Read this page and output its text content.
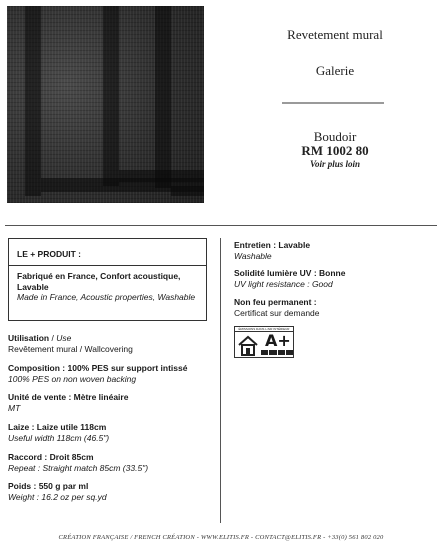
Revetement mural
Galerie
Boudoir
RM 1002 80
Voir plus loin
LE + PRODUIT :
Fabriqué en France, Confort acoustique, Lavable
Made in France, Acoustic properties, Washable
Utilisation / Use
Revêtement mural / Wallcovering
Composition : 100% PES sur support intissé
100% PES on non woven backing
Unité de vente : Mètre linéaire
MT
Laize : Laize utile 118cm
Useful width 118cm (46.5")
Raccord : Droit 85cm
Repeat : Straight match 85cm (33.5")
Poids : 550 g par ml
Weight : 16.2 oz per sq.yd
Entretien : Lavable
Washable
Solidité lumière UV : Bonne
UV light resistance : Good
Non feu permanent :
Certificat sur demande
ÉMISSIONS DANS L'AIR INTÉRIEUR
A+
CRÉATION FRANÇAISE / FRENCH CRÉATION - WWW.ELITIS.FR - CONTACT@ELITIS.FR - +33(0) 561 802 020
